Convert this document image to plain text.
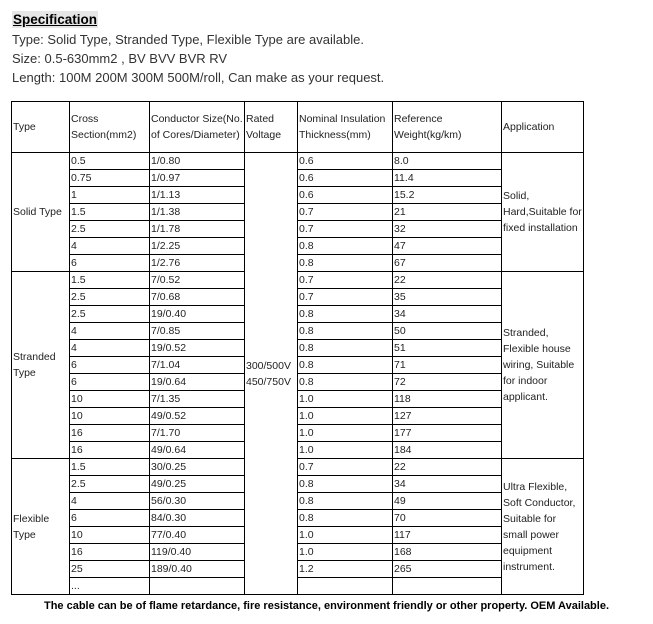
Specification
Type: Solid Type, Stranded Type, Flexible Type are available.
Size: 0.5-630mm2 , BV BVV BVR RV
Length: 100M 200M 300M 500M/roll, Can make as your request.
Type	Cross Section(mm2)	Conductor Size(No. of Cores/Diameter)	Rated Voltage	Nominal Insulation Thickness(mm)	Reference Weight(kg/km)	Application
Solid Type	0.5	1/0.80	300/500V 450/750V	0.6	8.0	Solid, Hard,Suitable for fixed installation
	0.75	1/0.97		0.6	11.4	
	1	1/1.13		0.6	15.2	
	1.5	1/1.38		0.7	21	
	2.5	1/1.78		0.7	32	
	4	1/2.25		0.8	47	
	6	1/2.76		0.8	67	
Stranded Type	1.5	7/0.52		0.7	22	Stranded, Flexible house wiring, Suitable for indoor applicant.
	2.5	7/0.68		0.7	35	
	2.5	19/0.40		0.8	34	
	4	7/0.85		0.8	50	
	4	19/0.52		0.8	51	
	6	7/1.04		0.8	71	
	6	19/0.64		0.8	72	
	10	7/1.35		1.0	118	
	10	49/0.52		1.0	127	
	16	7/1.70		1.0	177	
	16	49/0.64		1.0	184	
Flexible Type	1.5	30/0.25		0.7	22	Ultra Flexible, Soft Conductor, Suitable for small power equipment instrument.
	2.5	49/0.25		0.8	34	
	4	56/0.30		0.8	49	
	6	84/0.30		0.8	70	
	10	77/0.40		1.0	117	
	16	119/0.40		1.0	168	
	25	189/0.40		1.2	265	
	...					
The cable can be of flame retardance, fire resistance, environment friendly or other property. OEM Available.
